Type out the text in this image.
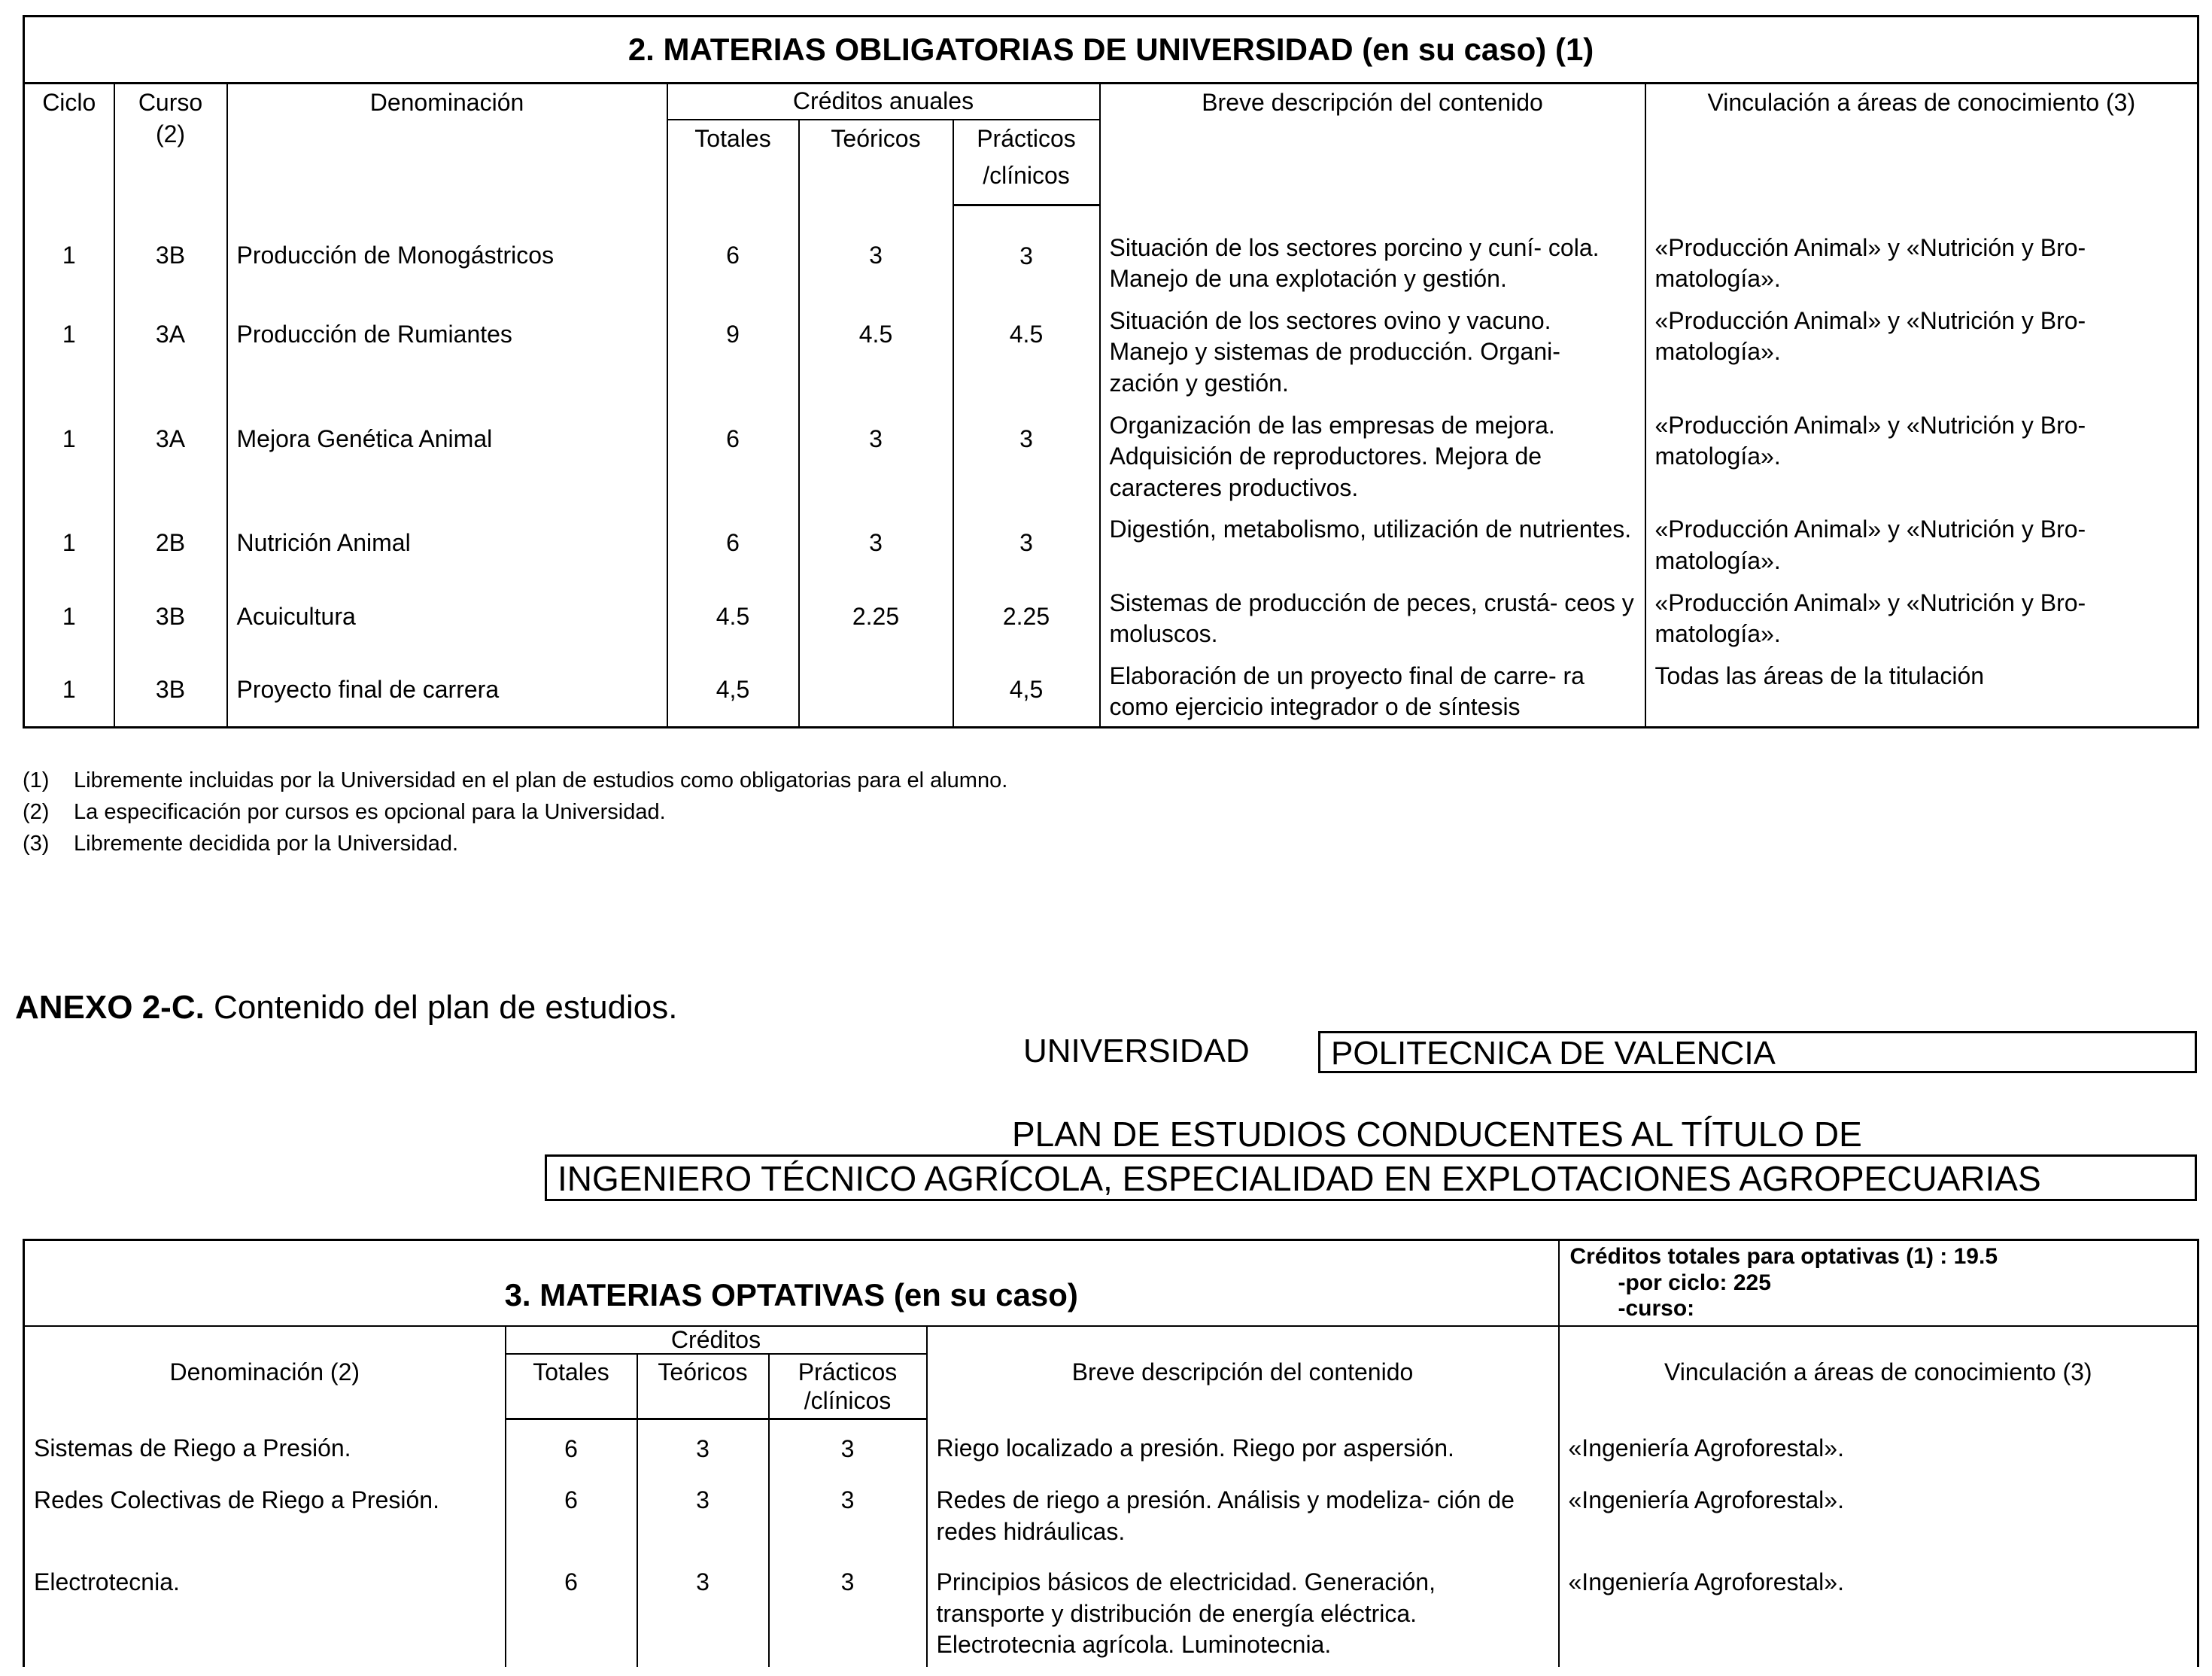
2. MATERIAS OBLIGATORIAS DE UNIVERSIDAD (en su caso) (1)							
Ciclo	Curso
(2)	Denominación	Créditos anuales			Breve descripción del contenido	Vinculación a áreas de conocimiento (3)
			Totales	Teóricos	Prácticos		
					/clínicos		
1	3B	Producción de Monogástricos	6	3	3	Situación de los sectores porcino y cuní- cola. Manejo de una explotación y gestión.	«Producción Animal» y «Nutrición y Bro- matología».
1	3A	Producción de Rumiantes	9	4.5	4.5	Situación de los sectores ovino y vacuno. Manejo y sistemas de producción. Organi- zación y gestión.	«Producción Animal» y «Nutrición y Bro- matología».
1	3A	Mejora Genética Animal	6	3	3	Organización de las empresas de mejora. Adquisición de reproductores. Mejora de caracteres productivos.	«Producción Animal» y «Nutrición y Bro- matología».
1	2B	Nutrición Animal	6	3	3	Digestión, metabolismo, utilización de nutrientes.	«Producción Animal» y «Nutrición y Bro- matología».
1	3B	Acuicultura	4.5	2.25	2.25	Sistemas de producción de peces, crustá- ceos y moluscos.	«Producción Animal» y «Nutrición y Bro- matología».
1	3B	Proyecto final de carrera	4,5		4,5	Elaboración de un proyecto final de carre- ra como ejercicio integrador o de síntesis	Todas las áreas de la titulación
(1)	Libremente incluidas por la Universidad en el plan de estudios como obligatorias para el alumno.
(2)	La especificación por cursos es opcional para la Universidad.
(3)	Libremente decidida por la Universidad.
ANEXO 2-C. Contenido del plan de estudios.
UNIVERSIDAD	POLITECNICA DE VALENCIA
PLAN DE ESTUDIOS CONDUCENTES AL TÍTULO DE
INGENIERO TÉCNICO AGRÍCOLA, ESPECIALIDAD EN EXPLOTACIONES AGROPECUARIAS
3. MATERIAS OPTATIVAS (en su caso)					Créditos totales para optativas (1) : 19.5

-por ciclo: 225
-curso:

Denominación (2)	Créditos			Breve descripción del contenido	Vinculación a áreas de conocimiento (3)
	Totales	Teóricos	Prácticos
/clínicos		
Sistemas de Riego a Presión.	6	3	3	Riego localizado a presión. Riego por aspersión.	«Ingeniería Agroforestal».
Redes Colectivas de Riego a Presión.	6	3	3	Redes de riego a presión. Análisis y modeliza- ción de redes hidráulicas.	«Ingeniería Agroforestal».
Electrotecnia.	6	3	3	Principios básicos de electricidad. Generación, transporte y distribución de energía eléctrica. Electrotecnia agrícola. Luminotecnia.	«Ingeniería Agroforestal».
